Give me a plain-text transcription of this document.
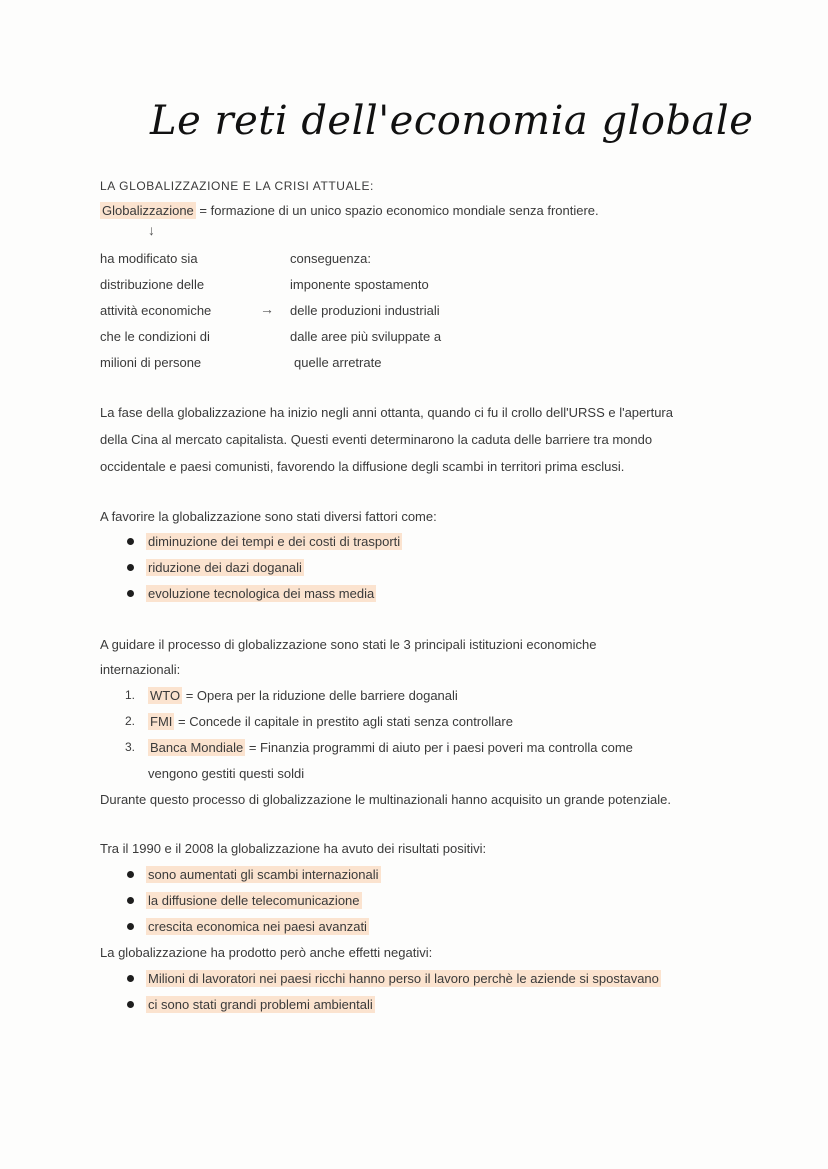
Le reti dell'economia globale
LA GLOBALIZZAZIONE E LA CRISI ATTUALE:
Globalizzazione = formazione di un unico spazio economico mondiale senza frontiere.
↓
ha modificato sia
distribuzione delle
attività economiche
che le condizioni di
milioni di persone
→
conseguenza:
imponente spostamento
delle produzioni industriali
dalle aree più sviluppate a
quelle arretrate
La fase della globalizzazione ha inizio negli anni ottanta, quando ci fu il crollo dell'URSS e l'apertura
della Cina al mercato capitalista. Questi eventi determinarono la caduta delle barriere tra mondo
occidentale e paesi comunisti, favorendo la diffusione degli scambi in territori prima esclusi.
A favorire la globalizzazione sono stati diversi fattori come:
diminuzione dei tempi e dei costi di trasporti
riduzione dei dazi doganali
evoluzione tecnologica dei mass media
A guidare il processo di globalizzazione sono stati le 3 principali istituzioni economiche
internazionali:
1. WTO = Opera per la riduzione delle barriere doganali
2. FMI = Concede il capitale in prestito agli stati senza controllare
3. Banca Mondiale = Finanzia programmi di aiuto per i paesi poveri ma controlla come
vengono gestiti questi soldi
Durante questo processo di globalizzazione le multinazionali hanno acquisito un grande potenziale.
Tra il 1990 e il 2008 la globalizzazione ha avuto dei risultati positivi:
sono aumentati gli scambi internazionali
la diffusione delle telecomunicazione
crescita economica nei paesi avanzati
La globalizzazione ha prodotto però anche effetti negativi:
Milioni di lavoratori nei paesi ricchi hanno perso il lavoro perchè le aziende si spostavano
ci sono stati grandi problemi ambientali
